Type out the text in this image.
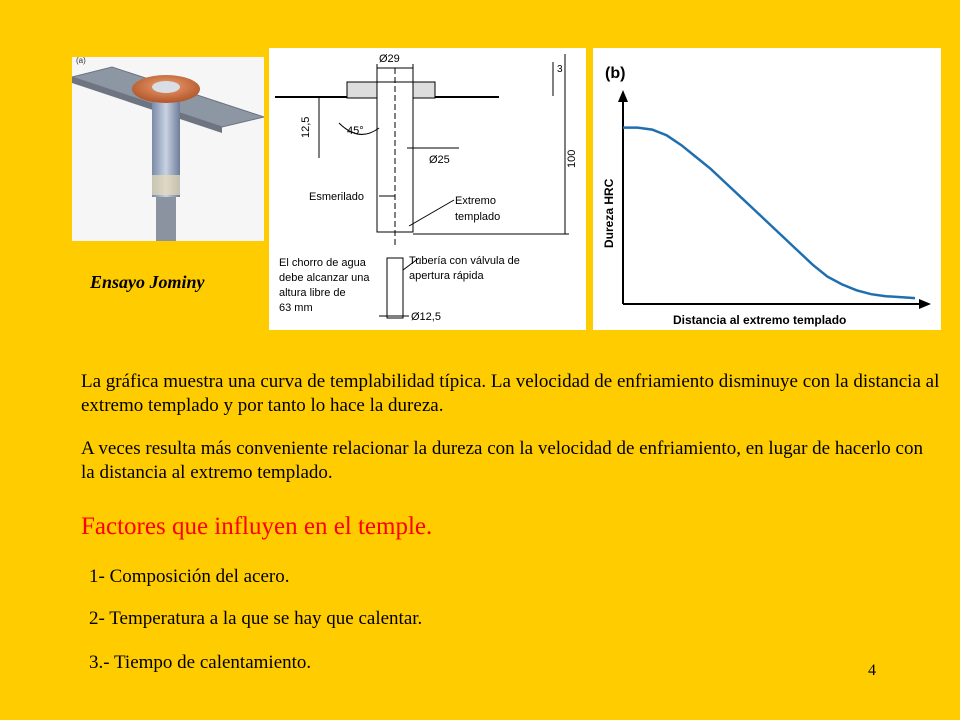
(a)
Ensayo Jominy
Ø29
3
12,5	45°
Ø25	100
Esmerilado	Extremo
templado
El chorro de agua
debe alcanzar una
altura libre de
63 mm
Tubería con válvula de
apertura rápida
Ø12,5
(b)
Dureza HRC
Distancia al extremo templado

La gráfica muestra una curva de templabilidad típica. La velocidad de enfriamiento disminuye con la distancia al extremo templado y por tanto lo hace la dureza.

A veces resulta más conveniente relacionar la dureza con la velocidad de enfriamiento, en lugar de hacerlo con la distancia al extremo templado.

Factores que influyen en el temple.
1- Composición del acero.
2- Temperatura a la que se hay que calentar.
3.- Tiempo de calentamiento.	4
